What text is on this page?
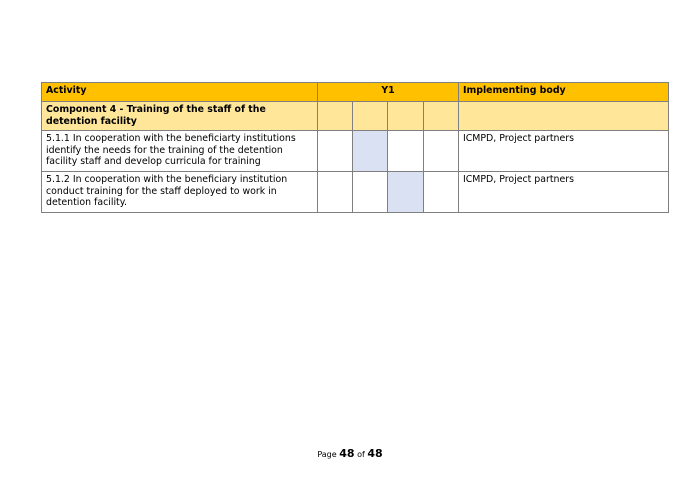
Activity	Y1				Implementing body
Component 4 - Training of the staff of the detention facility					
5.1.1 In cooperation with the beneficiarty institutions identify the needs for the training of the detention facility staff and develop curricula for training					ICMPD, Project partners
5.1.2 In cooperation with the beneficiary institution conduct training for the staff deployed to work in detention facility.					ICMPD, Project partners
Page 48 of 48
